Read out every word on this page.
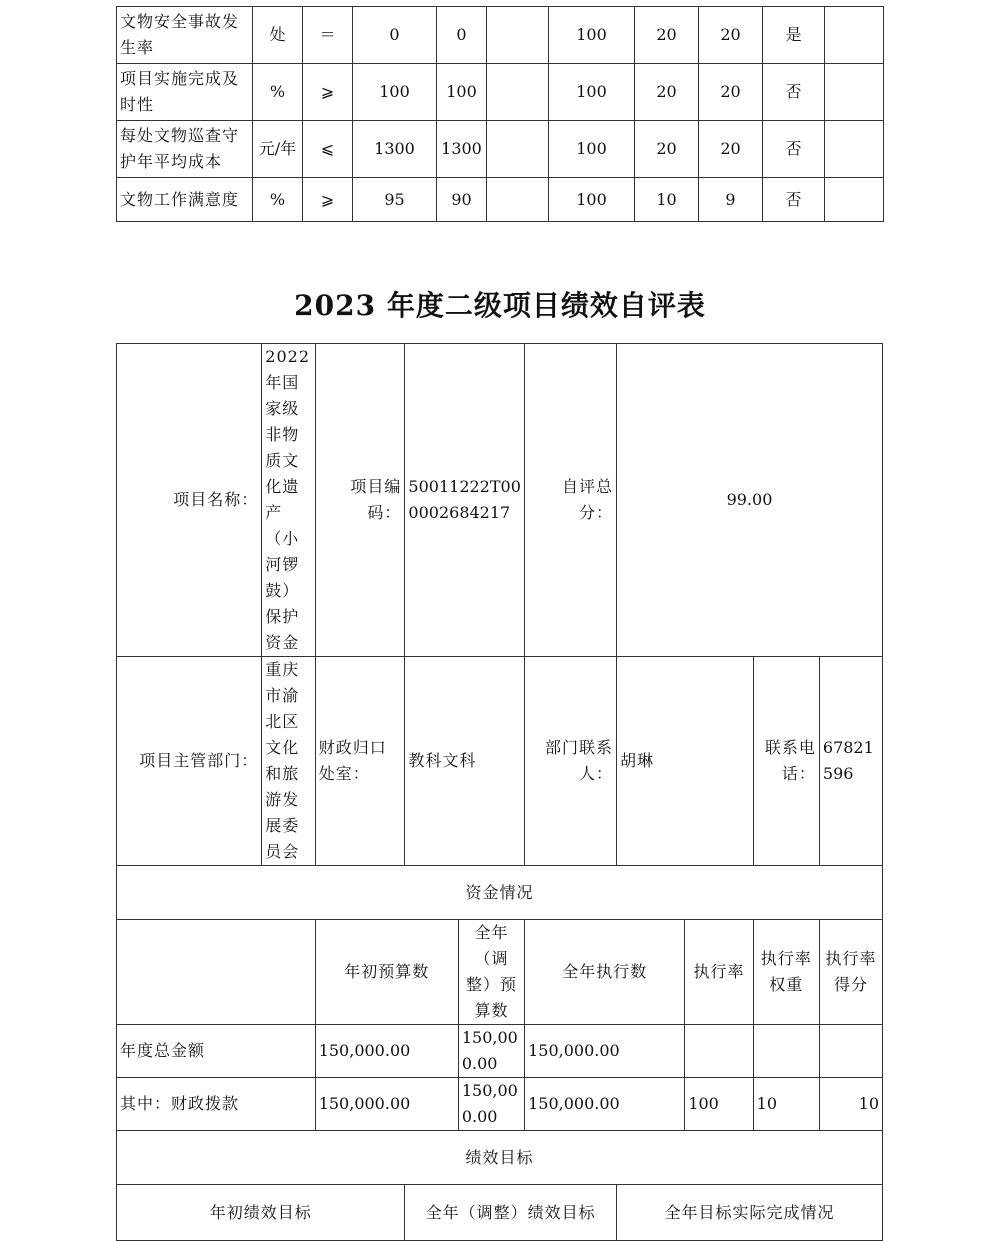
文物安全事故发生率	处	＝	0	0		100	20	20	是	
项目实施完成及时性	%	⩾	100	100		100	20	20	否	
每处文物巡查守护年平均成本	元/年	⩽	1300	1300		100	20	20	否	
文物工作满意度	%	⩾	95	90		100	10	9	否	
2023 年度二级项目绩效自评表
项目名称：	2022 年国家级非物质文化遗产（小河锣鼓）保护资金	项目编码：	50011222T000002684217		自评总分：	99.00			
项目主管部门：	重庆市渝北区文化和旅游发展委员会	财政归口处室：	教科文科		部门联系人：	胡琳		联系电话：	67821596
资金情况									
		年初预算数		全年（调整）预算数	全年执行数		执行率	执行率权重	执行率得分
年度总金额		150,000.00		150,000.00	150,000.00				
其中：财政拨款		150,000.00		150,000.00	150,000.00		100	10	10
绩效目标									
年初绩效目标			全年（调整）绩效目标			全年目标实际完成情况			
